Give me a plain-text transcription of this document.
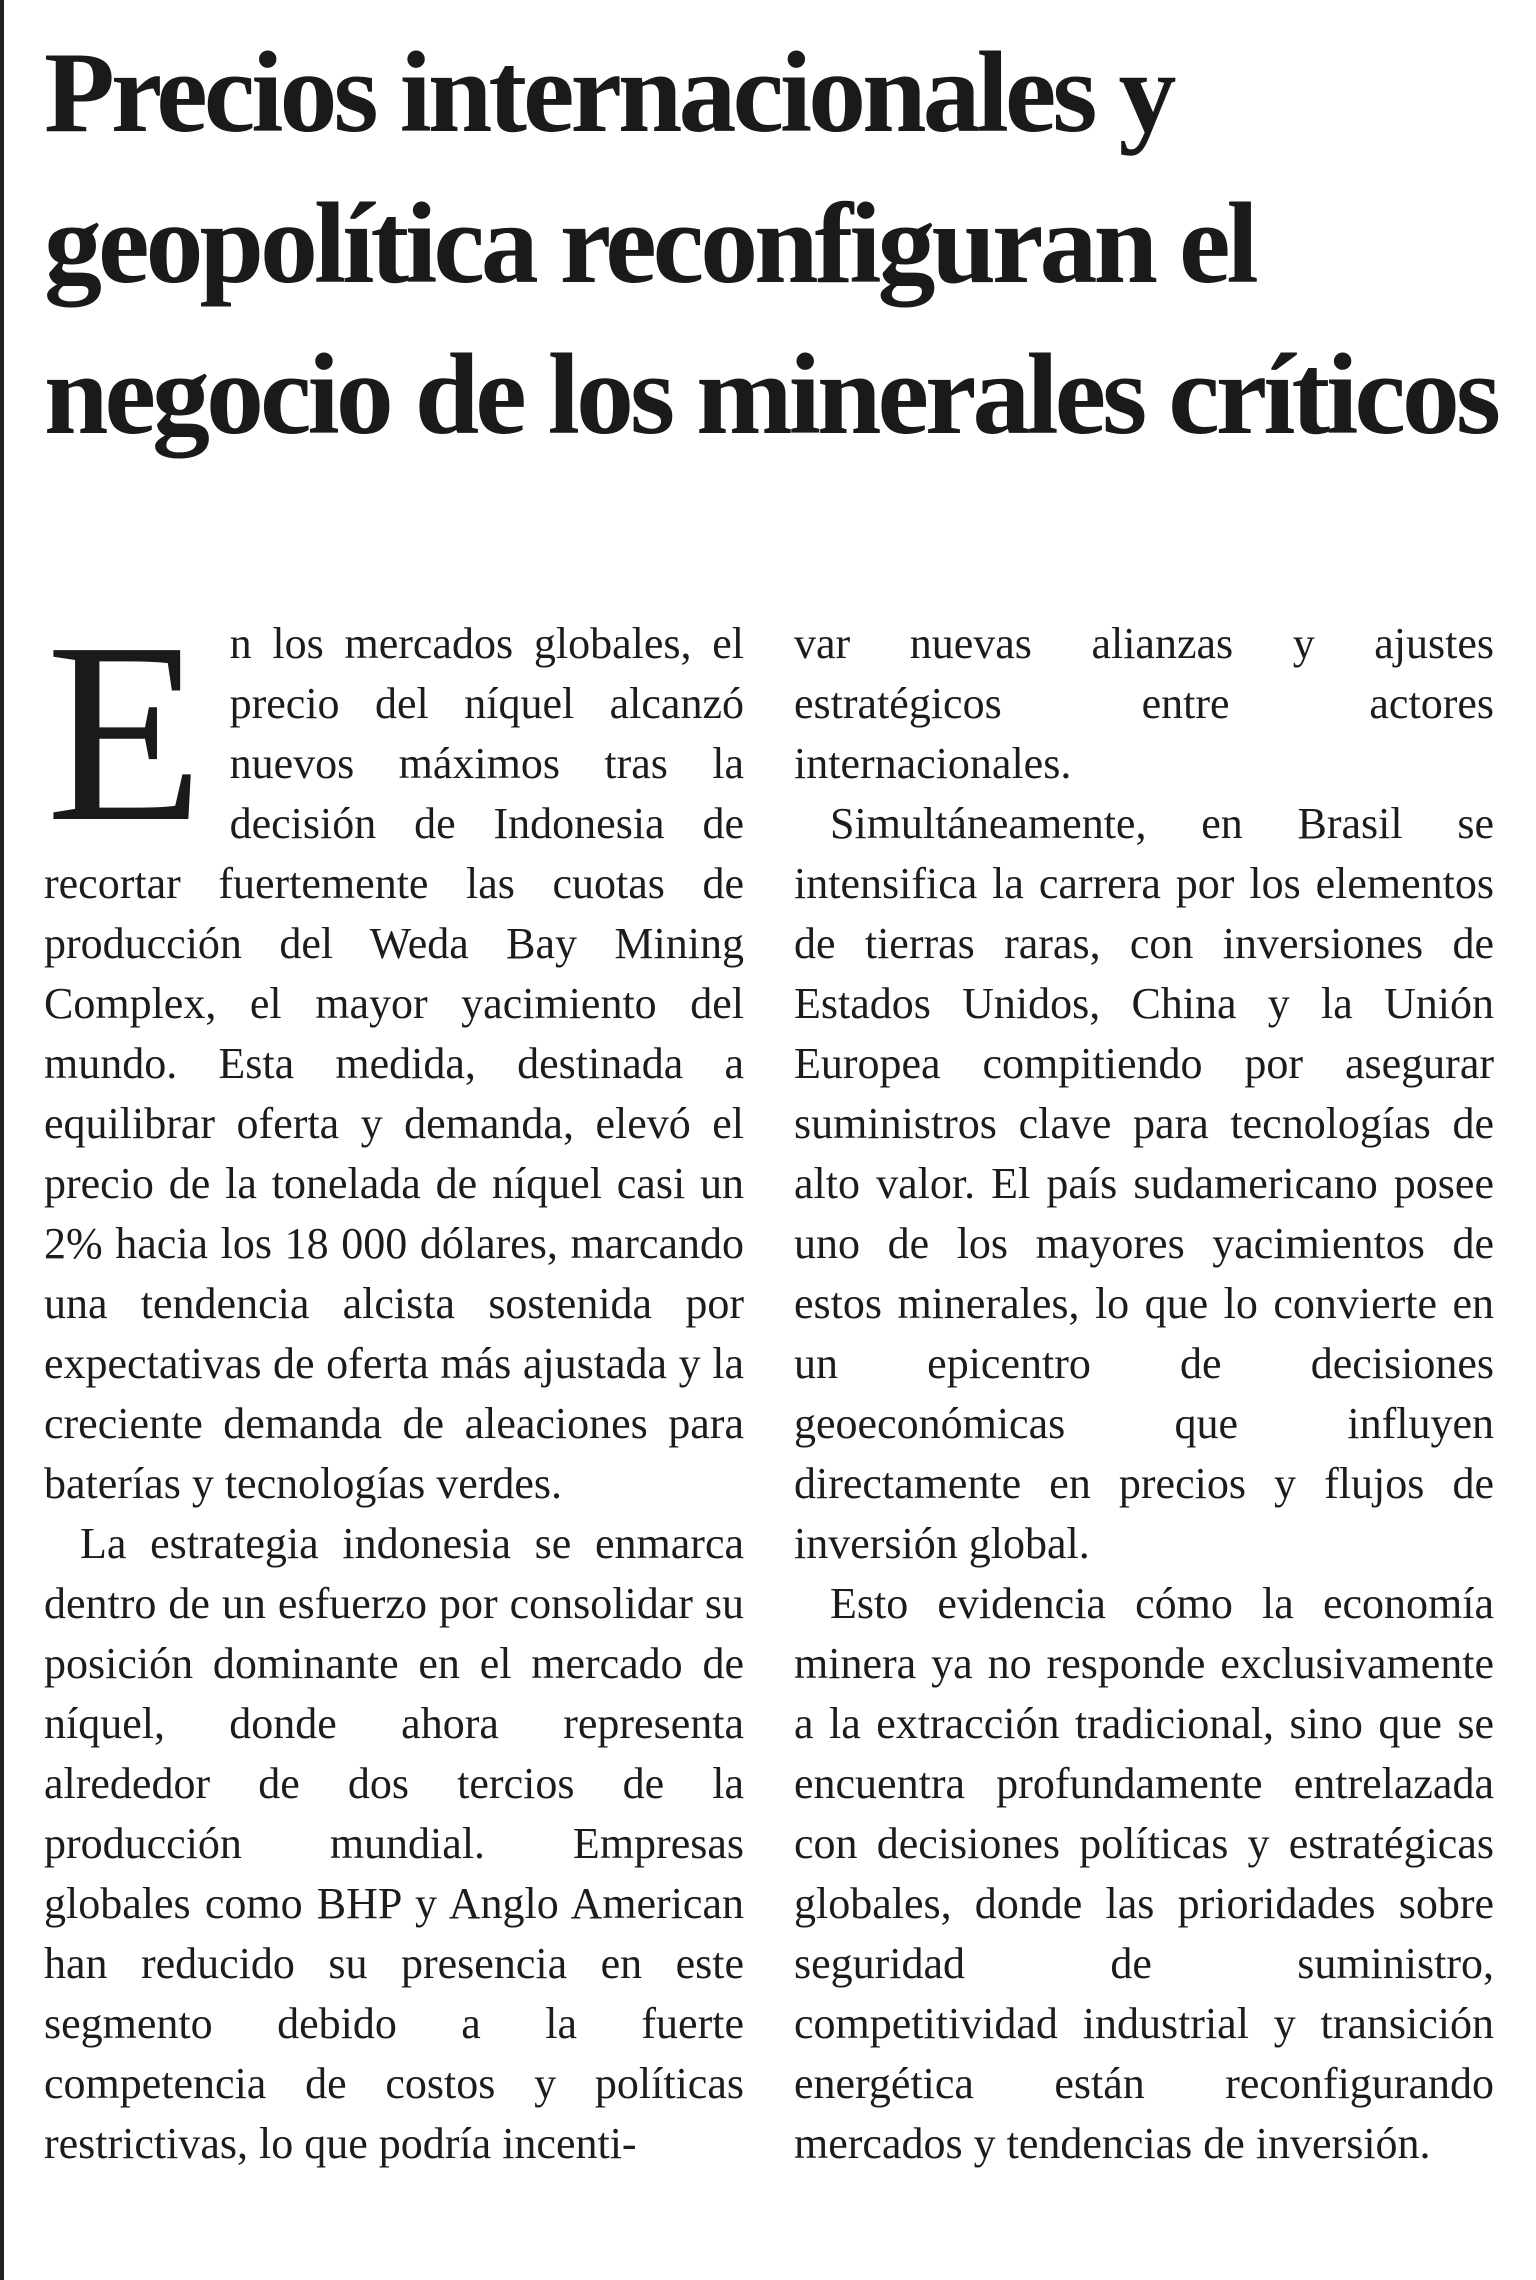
Precios internacionales y
geopolítica reconfiguran el
negocio de los minerales críticos

En los mercados globales, el precio del níquel alcanzó nuevos máximos tras la decisión de Indonesia de recortar fuertemente las cuotas de producción del Weda Bay Mining Complex, el mayor yacimiento del mundo. Esta medida, destinada a equilibrar oferta y demanda, elevó el precio de la tonelada de níquel casi un 2% hacia los 18 000 dólares, marcando una tendencia alcista sostenida por expectativas de oferta más ajustada y la creciente demanda de aleaciones para baterías y tecnologías verdes.

La estrategia indonesia se enmarca dentro de un esfuerzo por consolidar su posición dominante en el mercado de níquel, donde ahora representa alrededor de dos tercios de la producción mundial. Empresas globales como BHP y Anglo American han reducido su presencia en este segmento debido a la fuerte competencia de costos y políticas restrictivas, lo que podría incenti-

var nuevas alianzas y ajustes estratégicos entre actores internacionales.

Simultáneamente, en Brasil se intensifica la carrera por los elementos de tierras raras, con inversiones de Estados Unidos, China y la Unión Europea compitiendo por asegurar suministros clave para tecnologías de alto valor. El país sudamericano posee uno de los mayores yacimientos de estos minerales, lo que lo convierte en un epicentro de decisiones geoeconómicas que influyen directamente en precios y flujos de inversión global.

Esto evidencia cómo la economía minera ya no responde exclusivamente a la extracción tradicional, sino que se encuentra profundamente entrelazada con decisiones políticas y estratégicas globales, donde las prioridades sobre seguridad de suministro, competitividad industrial y transición energética están reconfigurando mercados y tendencias de inversión.
